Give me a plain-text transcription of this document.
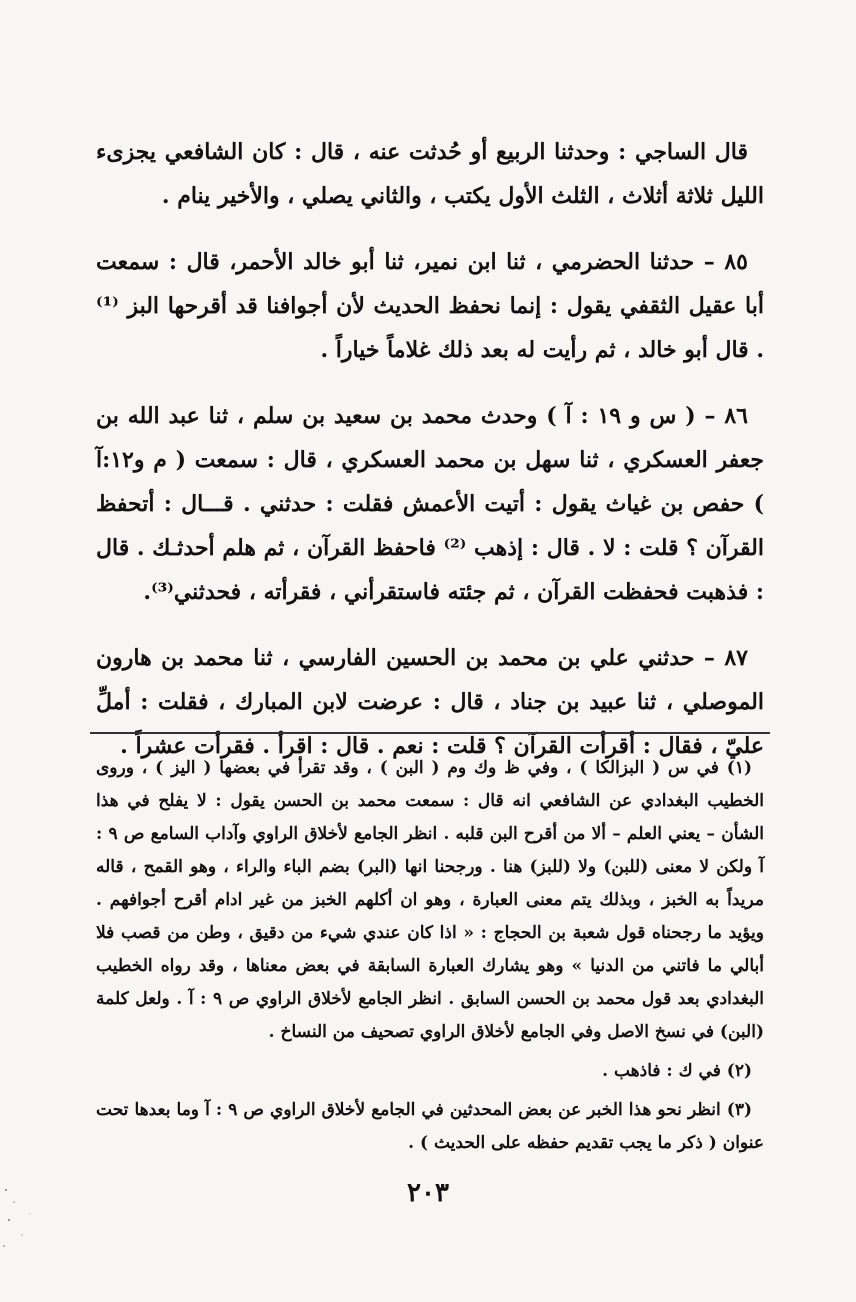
قال الساجي : وحدثنا الربيع أو حُدثت عنه ، قال : كان الشافعي يجزىء الليل ثلاثة أثلاث ، الثلث الأول يكتب ، والثاني يصلي ، والأخير ينام .

٨٥ – حدثنا الحضرمي ، ثنا ابن نمير، ثنا أبو خالد الأحمر، قال : سمعت أبا عقيل الثقفي يقول : إنما نحفظ الحديث لأن أجوافنا قد أقرحها البز ⁽¹⁾ . قال أبو خالد ، ثم رأيت له بعد ذلك غلاماً خياراً .

٨٦ – ( س و ١٩ : آ ) وحدث محمد بن سعيد بن سلم ، ثنا عبد الله بن جعفر العسكري ، ثنا سهل بن محمد العسكري ، قال : سمعت ( م و١٢:آ ) حفص بن غياث يقول : أتيت الأعمش فقلت : حدثني . قـــال : أتحفظ القرآن ؟ قلت : لا . قال : إذهب ⁽²⁾ فاحفظ القرآن ، ثم هلم أحدثـك . قال : فذهبت فحفظت القرآن ، ثم جئته فاستقرأني ، فقرأته ، فحدثني⁽³⁾.

٨٧ – حدثني علي بن محمد بن الحسين الفارسي ، ثنا محمد بن هارون الموصلي ، ثنا عبيد بن جناد ، قال : عرضت لابن المبارك ، فقلت : أملِّ عليّ ، فقال : أقرأت القرآن ؟ قلت : نعم . قال : اقرأ . فقرأت عشراً .

(١) في س ( البزالكا ) ، وفي ظ وك وم ( البن ) ، وقد تقرأ في بعضها ( اليز ) ، وروى الخطيب البغدادي عن الشافعي انه قال : سمعت محمد بن الحسن يقول : لا يفلح في هذا الشأن – يعني العلم – ألا من أقرح البن قلبه . انظر الجامع لأخلاق الراوي وآداب السامع ص ٩ : آ ولكن لا معنى (للبن) ولا (للبز) هنا . ورجحنا انها (البر) بضم الباء والراء ، وهو القمح ، قاله مريداً به الخبز ، وبذلك يتم معنى العبارة ، وهو ان أكلهم الخبز من غير ادام أقرح أجوافهم . ويؤيد ما رجحناه قول شعبة بن الحجاج : « اذا كان عندي شيء من دقيق ، وطن من قصب فلا أبالي ما فاتني من الدنيا » وهو يشارك العبارة السابقة في بعض معناها ، وقد رواه الخطيب البغدادي بعد قول محمد بن الحسن السابق . انظر الجامع لأخلاق الراوي ص ٩ : آ . ولعل كلمة (البن) في نسخ الاصل وفي الجامع لأخلاق الراوي تصحيف من النساخ .

(٢) في ك : فاذهب .

(٣) انظر نحو هذا الخبر عن بعض المحدثين في الجامع لأخلاق الراوي ص ٩ : آ وما بعدها تحت عنوان ( ذكر ما يجب تقديم حفظه على الحديث ) .

٢٠٣
